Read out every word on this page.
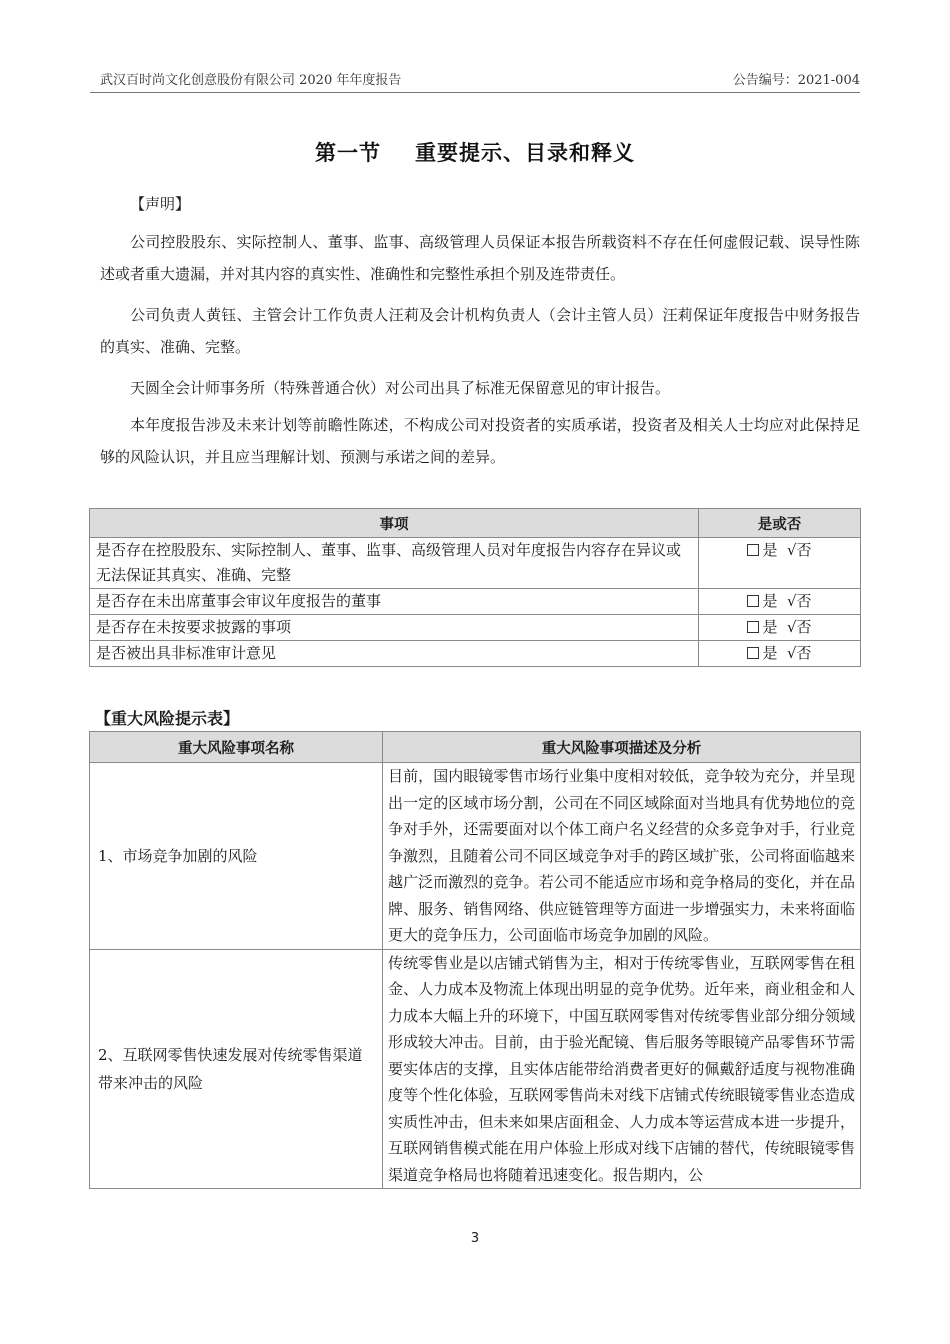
武汉百时尚文化创意股份有限公司 2020 年年度报告	公告编号：2021-004
第一节 重要提示、目录和释义

【声明】

公司控股股东、实际控制人、董事、监事、高级管理人员保证本报告所载资料不存在任何虚假记载、误导性陈述或者重大遗漏，并对其内容的真实性、准确性和完整性承担个别及连带责任。

公司负责人黄钰、主管会计工作负责人汪莉及会计机构负责人（会计主管人员）汪莉保证年度报告中财务报告的真实、准确、完整。

天圆全会计师事务所（特殊普通合伙）对公司出具了标准无保留意见的审计报告。

本年度报告涉及未来计划等前瞻性陈述，不构成公司对投资者的实质承诺，投资者及相关人士均应对此保持足够的风险认识，并且应当理解计划、预测与承诺之间的差异。

事项	是或否
是否存在控股股东、实际控制人、董事、监事、高级管理人员对年度报告内容存在异议或无法保证其真实、准确、完整	是 √否
是否存在未出席董事会审议年度报告的董事	是 √否
是否存在未按要求披露的事项	是 √否
是否被出具非标准审计意见	是 √否
【重大风险提示表】
重大风险事项名称	重大风险事项描述及分析
1、市场竞争加剧的风险	目前，国内眼镜零售市场行业集中度相对较低，竞争较为充分，并呈现出一定的区域市场分割，公司在不同区域除面对当地具有优势地位的竞争对手外，还需要面对以个体工商户名义经营的众多竞争对手，行业竞争激烈，且随着公司不同区域竞争对手的跨区域扩张，公司将面临越来越广泛而激烈的竞争。若公司不能适应市场和竞争格局的变化，并在品牌、服务、销售网络、供应链管理等方面进一步增强实力，未来将面临更大的竞争压力，公司面临市场竞争加剧的风险。
2、互联网零售快速发展对传统零售渠道带来冲击的风险	传统零售业是以店铺式销售为主，相对于传统零售业，互联网零售在租金、人力成本及物流上体现出明显的竞争优势。近年来，商业租金和人力成本大幅上升的环境下，中国互联网零售对传统零售业部分细分领域形成较大冲击。目前，由于验光配镜、售后服务等眼镜产品零售环节需要实体店的支撑，且实体店能带给消费者更好的佩戴舒适度与视物准确度等个性化体验，互联网零售尚未对线下店铺式传统眼镜零售业态造成实质性冲击，但未来如果店面租金、人力成本等运营成本进一步提升，互联网销售模式能在用户体验上形成对线下店铺的替代，传统眼镜零售渠道竞争格局也将随着迅速变化。报告期内，公
3
